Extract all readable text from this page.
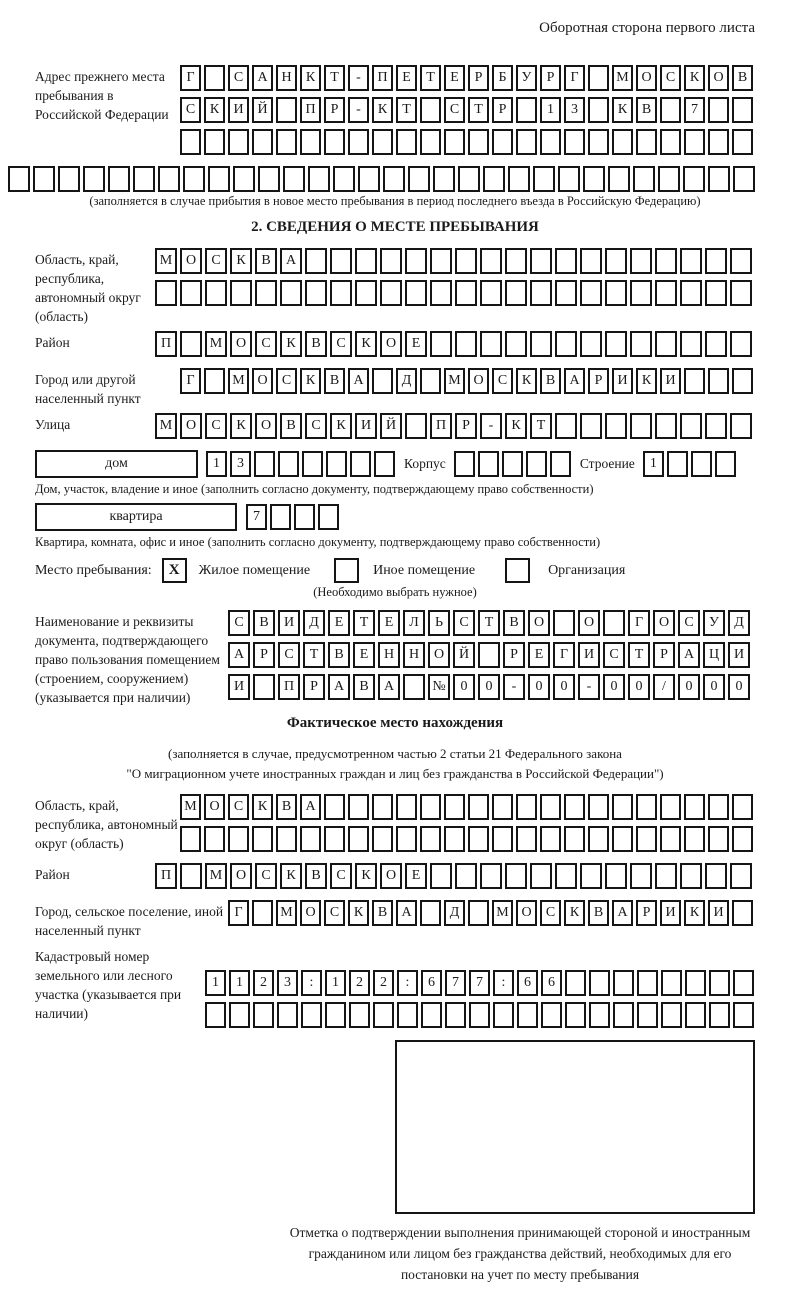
Оборотная сторона первого листа
Адрес прежнего места пребывания в Российской Федерации
Г	С	А Н	К	Т	-	П	Е	Т	Е	Р	Б	У	Р	Г	М О	С	К	О	В
С	К	И Й	П	Р	-	К	Т	С	Т	Р	1	3	К	В	7
(заполняется в случае прибытия в новое место пребывания в период последнего въезда в Российскую Федерацию)
2. СВЕДЕНИЯ О МЕСТЕ ПРЕБЫВАНИЯ
Область, край, республика, автономный округ (область)
М О	С	К	В	А
Район	П	М О	С	К	В	С	К	О	Е
Город или другой населенный пункт
Г	М О	С	К	В	А	Д	М О	С	К	В	А	Р	И	К	И
Улица	М О	С	К	О	В	С	К	И	Й	П	Р	-	К	Т
дом	1	3	Корпус	Строение	1
Дом, участок, владение и иное (заполнить согласно документу, подтверждающему право собственности)
квартира	7
Квартира, комната, офис и иное (заполнить согласно документу, подтверждающему право собственности)
Место пребывания:	X	Жилое помещение	Иное помещение	Организация
(Необходимо выбрать нужное)
Наименование и реквизиты документа, подтверждающего право пользования помещением (строением, сооружением) (указывается при наличии)
С	В	И	Д	Е	Т	Е	Л	Ь	С	Т	В	О	О	Г	О	С	У	Д
А	Р	С	Т	В	Е	Н	Н	О	Й	Р	Е	Г	И	С	Т	Р	А	Ц	И
И	П	Р	А	В	А	№	0	0	-	0	0	-	0	0	/	0	0	0
Фактическое место нахождения
(заполняется в случае, предусмотренном частью 2 статьи 21 Федерального закона
"О миграционном учете иностранных граждан и лиц без гражданства в Российской Федерации")
Область, край, республика, автономный округ (область)
М О	С	К	В	А
Район	П	М О	С	К	В	С	К	О	Е
Город, сельское поселение, иной населенный пункт
Г	М О	С	К	В	А	Д	М О	С	К	В	А	Р	И	К	И
Кадастровый номер земельного или лесного участка (указывается при наличии)
1	1	2	3	:	1	2	2	:	6	7	7	:	6	6
Отметка о подтверждении выполнения принимающей стороной и иностранным гражданином или лицом без гражданства действий, необходимых для его постановки на учет по месту пребывания
